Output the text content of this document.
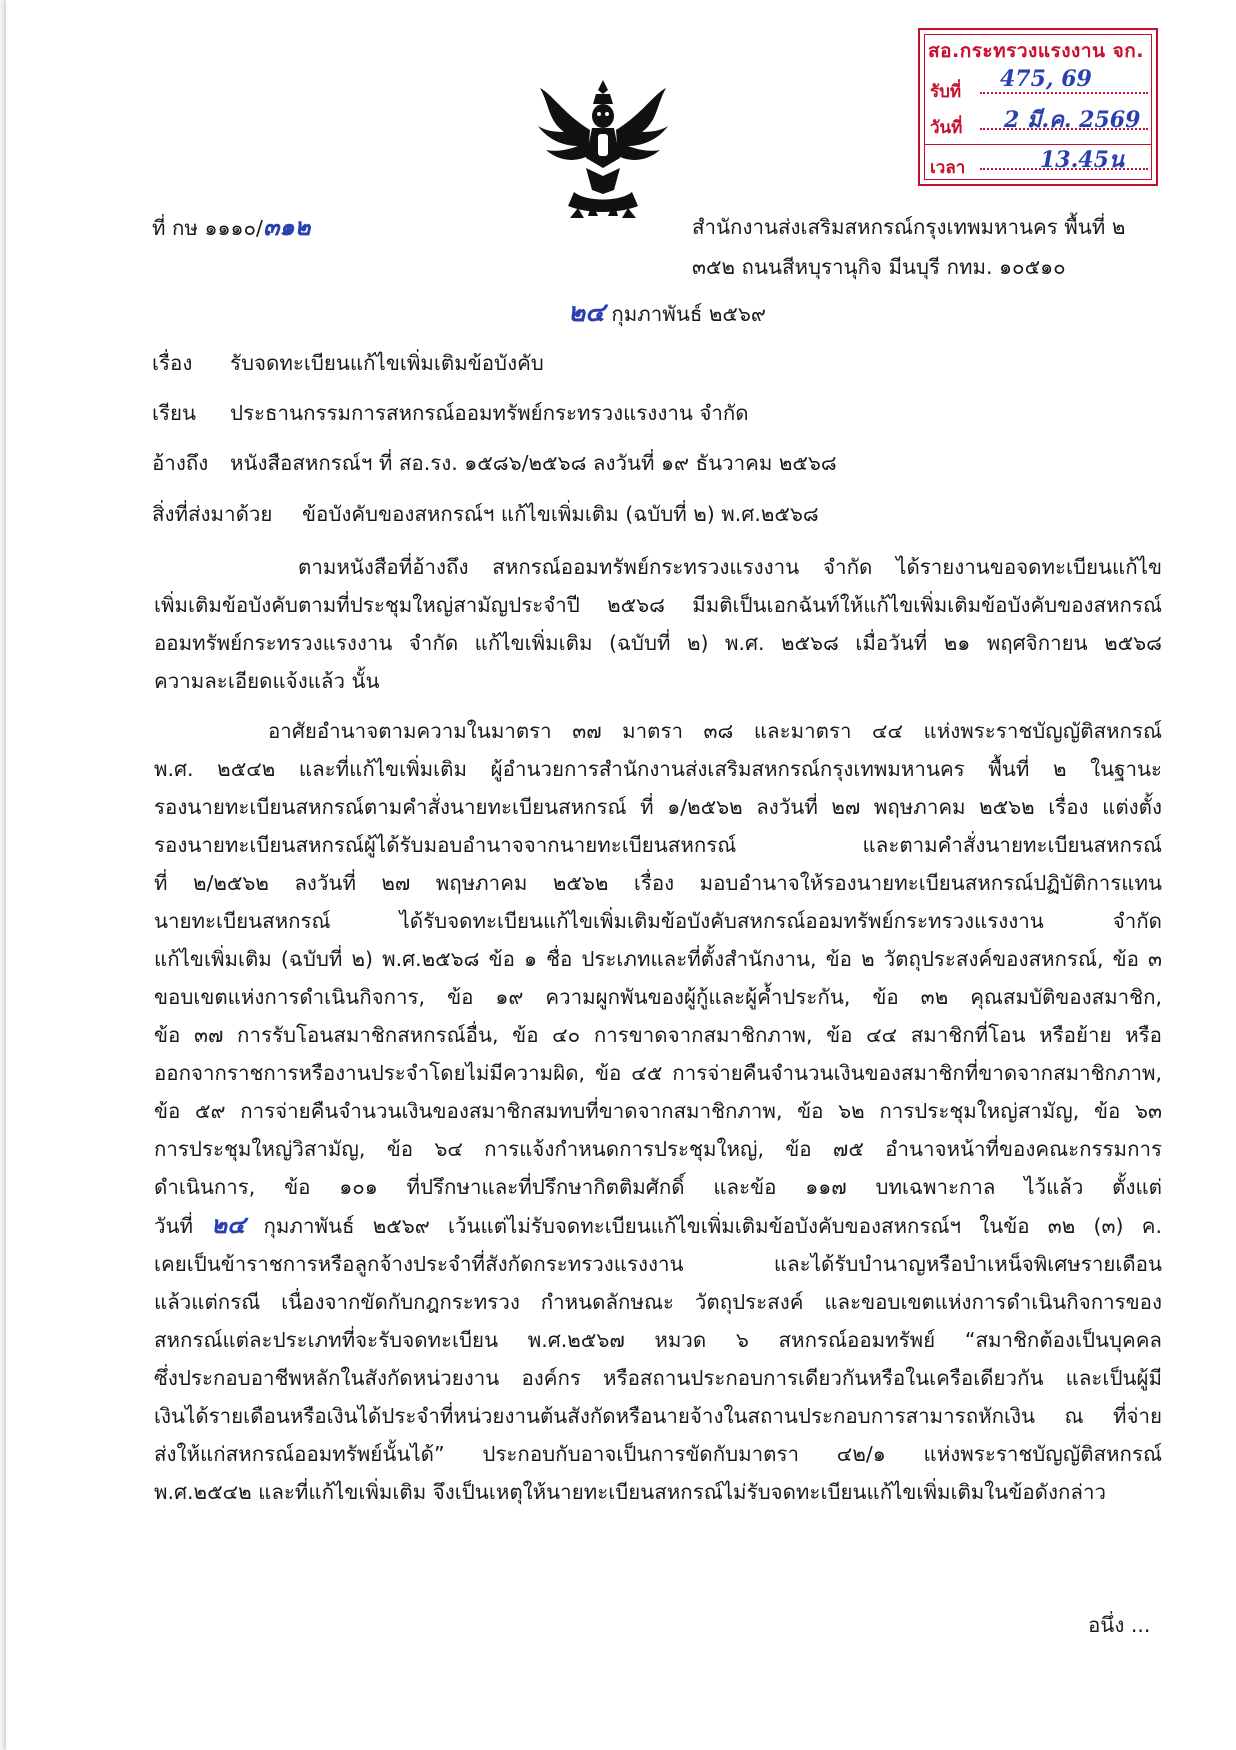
สอ.กระทรวงแรงงาน จก.
รับที่ 475, 69
วันที่ 2 มี.ค. 2569
เวลา	13.45น
ที่ กษ ๑๑๑๐/๓๑๒	สำนักงานส่งเสริมสหกรณ์กรุงเทพมหานคร พื้นที่ ๒
๓๕๒ ถนนสีหบุรานุกิจ มีนบุรี กทม. ๑๐๕๑๐
๒๔ กุมภาพันธ์ ๒๕๖๙
เรื่อง รับจดทะเบียนแก้ไขเพิ่มเติมข้อบังคับ
เรียน ประธานกรรมการสหกรณ์ออมทรัพย์กระทรวงแรงงาน จำกัด
อ้างถึง หนังสือสหกรณ์ฯ ที่ สอ.รง. ๑๕๘๖/๒๕๖๘ ลงวันที่ ๑๙ ธันวาคม ๒๕๖๘
สิ่งที่ส่งมาด้วย ข้อบังคับของสหกรณ์ฯ แก้ไขเพิ่มเติม (ฉบับที่ ๒) พ.ศ.๒๕๖๘
ตามหนังสือที่อ้างถึง สหกรณ์ออมทรัพย์กระทรวงแรงงาน จำกัด ได้รายงานขอจดทะเบียนแก้ไข
เพิ่มเติมข้อบังคับตามที่ประชุมใหญ่สามัญประจำปี ๒๕๖๘ มีมติเป็นเอกฉันท์ให้แก้ไขเพิ่มเติมข้อบังคับของสหกรณ์
ออมทรัพย์กระทรวงแรงงาน จำกัด แก้ไขเพิ่มเติม (ฉบับที่ ๒) พ.ศ. ๒๕๖๘ เมื่อวันที่ ๒๑ พฤศจิกายน ๒๕๖๘
ความละเอียดแจ้งแล้ว นั้น
อาศัยอำนาจตามความในมาตรา ๓๗ มาตรา ๓๘ และมาตรา ๔๔ แห่งพระราชบัญญัติสหกรณ์
พ.ศ. ๒๕๔๒ และที่แก้ไขเพิ่มเติม ผู้อำนวยการสำนักงานส่งเสริมสหกรณ์กรุงเทพมหานคร พื้นที่ ๒ ในฐานะ
รองนายทะเบียนสหกรณ์ตามคำสั่งนายทะเบียนสหกรณ์ ที่ ๑/๒๕๖๒ ลงวันที่ ๒๗ พฤษภาคม ๒๕๖๒ เรื่อง แต่งตั้ง
รองนายทะเบียนสหกรณ์ผู้ได้รับมอบอำนาจจากนายทะเบียนสหกรณ์ และตามคำสั่งนายทะเบียนสหกรณ์
ที่ ๒/๒๕๖๒ ลงวันที่ ๒๗ พฤษภาคม ๒๕๖๒ เรื่อง มอบอำนาจให้รองนายทะเบียนสหกรณ์ปฏิบัติการแทน
นายทะเบียนสหกรณ์ ได้รับจดทะเบียนแก้ไขเพิ่มเติมข้อบังคับสหกรณ์ออมทรัพย์กระทรวงแรงงาน จำกัด
แก้ไขเพิ่มเติม (ฉบับที่ ๒) พ.ศ.๒๕๖๘ ข้อ ๑ ชื่อ ประเภทและที่ตั้งสำนักงาน, ข้อ ๒ วัตถุประสงค์ของสหกรณ์, ข้อ ๓
ขอบเขตแห่งการดำเนินกิจการ, ข้อ ๑๙ ความผูกพันของผู้กู้และผู้ค้ำประกัน, ข้อ ๓๒ คุณสมบัติของสมาชิก,
ข้อ ๓๗ การรับโอนสมาชิกสหกรณ์อื่น, ข้อ ๔๐ การขาดจากสมาชิกภาพ, ข้อ ๔๔ สมาชิกที่โอน หรือย้าย หรือ
ออกจากราชการหรืองานประจำโดยไม่มีความผิด, ข้อ ๔๕ การจ่ายคืนจำนวนเงินของสมาชิกที่ขาดจากสมาชิกภาพ,
ข้อ ๕๙ การจ่ายคืนจำนวนเงินของสมาชิกสมทบที่ขาดจากสมาชิกภาพ, ข้อ ๖๒ การประชุมใหญ่สามัญ, ข้อ ๖๓
การประชุมใหญ่วิสามัญ, ข้อ ๖๔ การแจ้งกำหนดการประชุมใหญ่, ข้อ ๗๕ อำนาจหน้าที่ของคณะกรรมการ
ดำเนินการ, ข้อ ๑๐๑ ที่ปรึกษาและที่ปรึกษากิตติมศักดิ์ และข้อ ๑๑๗ บทเฉพาะกาล ไว้แล้ว ตั้งแต่
วันที่ ๒๔ กุมภาพันธ์ ๒๕๖๙ เว้นแต่ไม่รับจดทะเบียนแก้ไขเพิ่มเติมข้อบังคับของสหกรณ์ฯ ในข้อ ๓๒ (๓) ค.
เคยเป็นข้าราชการหรือลูกจ้างประจำที่สังกัดกระทรวงแรงงาน และได้รับบำนาญหรือบำเหน็จพิเศษรายเดือน
แล้วแต่กรณี เนื่องจากขัดกับกฎกระทรวง กำหนดลักษณะ วัตถุประสงค์ และขอบเขตแห่งการดำเนินกิจการของ
สหกรณ์แต่ละประเภทที่จะรับจดทะเบียน พ.ศ.๒๕๖๗ หมวด ๖ สหกรณ์ออมทรัพย์ “สมาชิกต้องเป็นบุคคล
ซึ่งประกอบอาชีพหลักในสังกัดหน่วยงาน องค์กร หรือสถานประกอบการเดียวกันหรือในเครือเดียวกัน และเป็นผู้มี
เงินได้รายเดือนหรือเงินได้ประจำที่หน่วยงานต้นสังกัดหรือนายจ้างในสถานประกอบการสามารถหักเงิน ณ ที่จ่าย
ส่งให้แก่สหกรณ์ออมทรัพย์นั้นได้” ประกอบกับอาจเป็นการขัดกับมาตรา ๔๒/๑ แห่งพระราชบัญญัติสหกรณ์
พ.ศ.๒๕๔๒ และที่แก้ไขเพิ่มเติม จึงเป็นเหตุให้นายทะเบียนสหกรณ์ไม่รับจดทะเบียนแก้ไขเพิ่มเติมในข้อดังกล่าว
อนึ่ง ...
